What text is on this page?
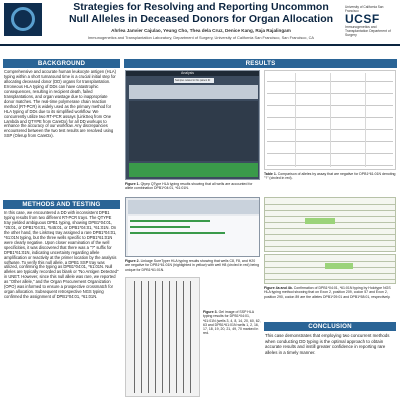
Strategies for Resolving and Reporting Uncommon Null Alleles in Deceased Donors for Organ Allocation
Ahrlea Janvier Cajulao, Yeung Cho, Thea dela Cruz, Denice Kang, Raja Rajalingam
Immunogenetics and Transplantation Laboratory, Department of Surgery, University of California San Francisco, San Francisco, CA
University of California San Francisco
UCSF
Immunogenetics and Transplantation Department of Surgery
BACKGROUND
Comprehensive and accurate human leukocyte antigen (HLA) typing within a short turnaround time is a crucial initial step for allocating deceased donor (DD) organs for transplantation. Erroneous HLA typing of DDs can have catastrophic consequences, resulting in recipient death, failed transplantations, and organ wastage due to inappropriate donor matches. The real-time polymerase chain reaction method (RT-PCR) is widely used as the primary method for HLA typing of DDs due to its simplified workflow. We concurrently utilize two RT-PCR assays (LinkSeq from One Lambda and QTYPE from CareDx) for all DD workups to enhance the accuracy of our workflow. Any discrepancies encountered between the two test results are resolved using SSP (Olerup from CareDx).
METHODS AND TESTING
In this case, we encountered a DD with inconsistent DPB1 typing results from two different RT-PCR trays. The QTYPE tray yielded ambiguous DPB1 typing, showing DPB1*04:01, *25:01, or DPB1*04:01, *545:01, or DPB1*04:01, *61:01N. On the other hand, the LinkSeq tray assigned a rare DPB1*04:01, *61:01N typing, but the three wells specific to DPB1*61:01N were clearly negative. Upon closer examination of the well specificities, it was discovered that there was a "?" suffix for DPB1*61:01N, indicating uncertainty regarding allele amplification or reactivity at the primer location by the analysis software. To verify this null allele, a DPB1 SSP tray was utilized, confirming the typing as DPB1*04:01, *61:01N. Null alleles are typically recorded as blank or "No Antigen Detected" in UNET. However, since this null allele was rare, we reported as "Other allele," and the Organ Procurement Organization (OPO) was informed to ensure a prospective crossmatch for organ allocation. Subsequent retrospective NGS typing confirmed the assignment of DPB1*04:01, *61:01N.
RESULTS
Analysis
Samples related to this patient ID
Figure 1. Qtyep QType HLA typing results showing that all wells are accounted for allele combination DPB1*04:01, *61:01N.
Table 1. Comparison of alleles by assay that are negative for DPB1*61:01N denoting "?" (circled in red).
Figure 2. Linkage SureTyper HLA typing results showing that wells C8, F8, and H20 are negative for DPB1*61:01N (highlighted in yellow) with well H8 (circled in red) being unique for DPB1*61:01N.
Figure 3. Gel image of SSP HLA typing results for DPB1*04:01, *61:01N (wells 3, 4, 8, 14, 20, 60, 62, 63 and DPB1*61:01N wells 1, 2, 16, 17, 18, 19, 20, 21, 49, 70 marked in red.
Figure 4a and 4b. Confirmation of DPB1*04:01, *61:01N typing by Holotype NGS HLA typing method showing that on Exon 2, position 209, codon 57 and Exon 2, position 290, codon 89 are the alleles DPB1*29:01 and DPB1*58:01, respectively.
CONCLUSION
This case demonstrates that employing two concurrent methods when conducting DD typing is the optimal approach to obtain accurate results and instill greater confidence in reporting rare alleles in a timely manner.
